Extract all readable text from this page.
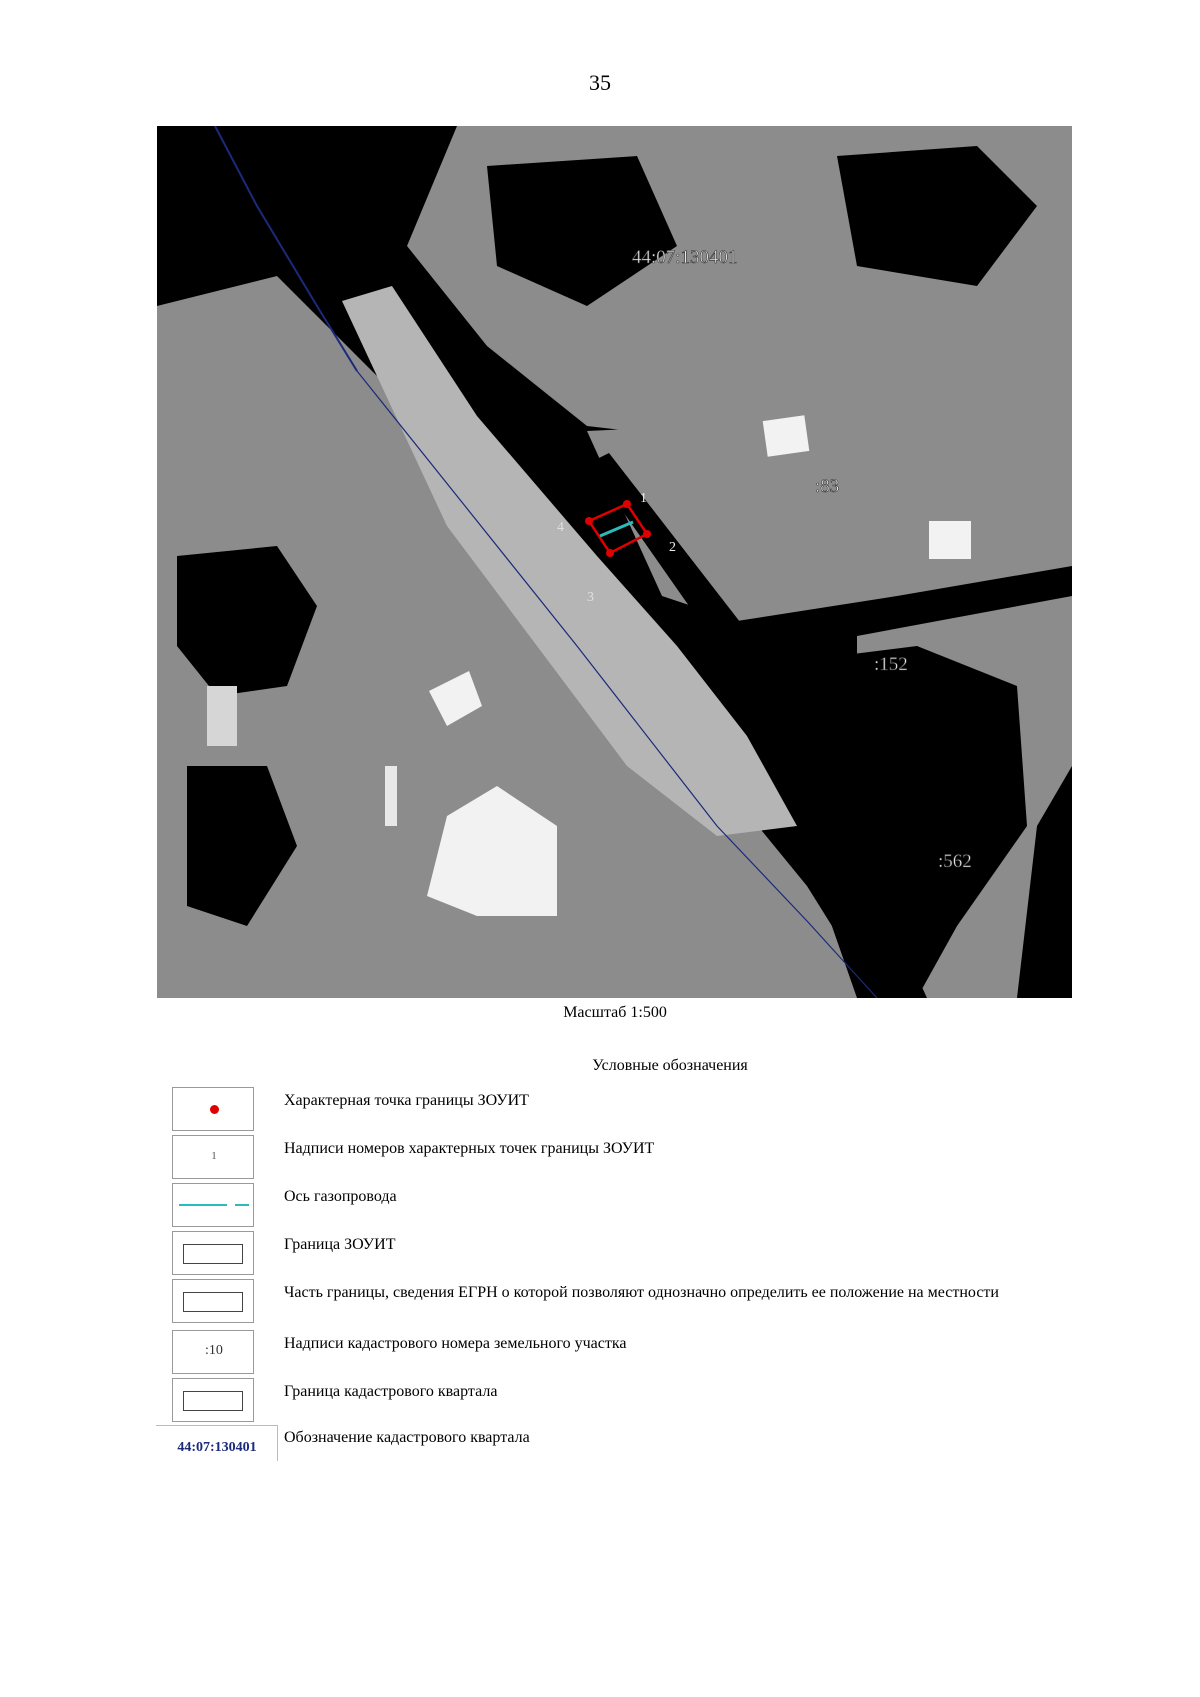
35
1
2
3
4
44:07:130401
:83
:152
:562
Масштаб 1:500
Условные обозначения
Характерная точка границы ЗОУИТ
1	Надписи номеров характерных точек границы ЗОУИТ
Ось газопровода
Граница ЗОУИТ
Часть границы, сведения ЕГРН о которой позволяют однозначно определить ее положение на местности
:10	Надписи кадастрового номера земельного участка
Граница кадастрового квартала
44:07:130401
Обозначение кадастрового квартала
